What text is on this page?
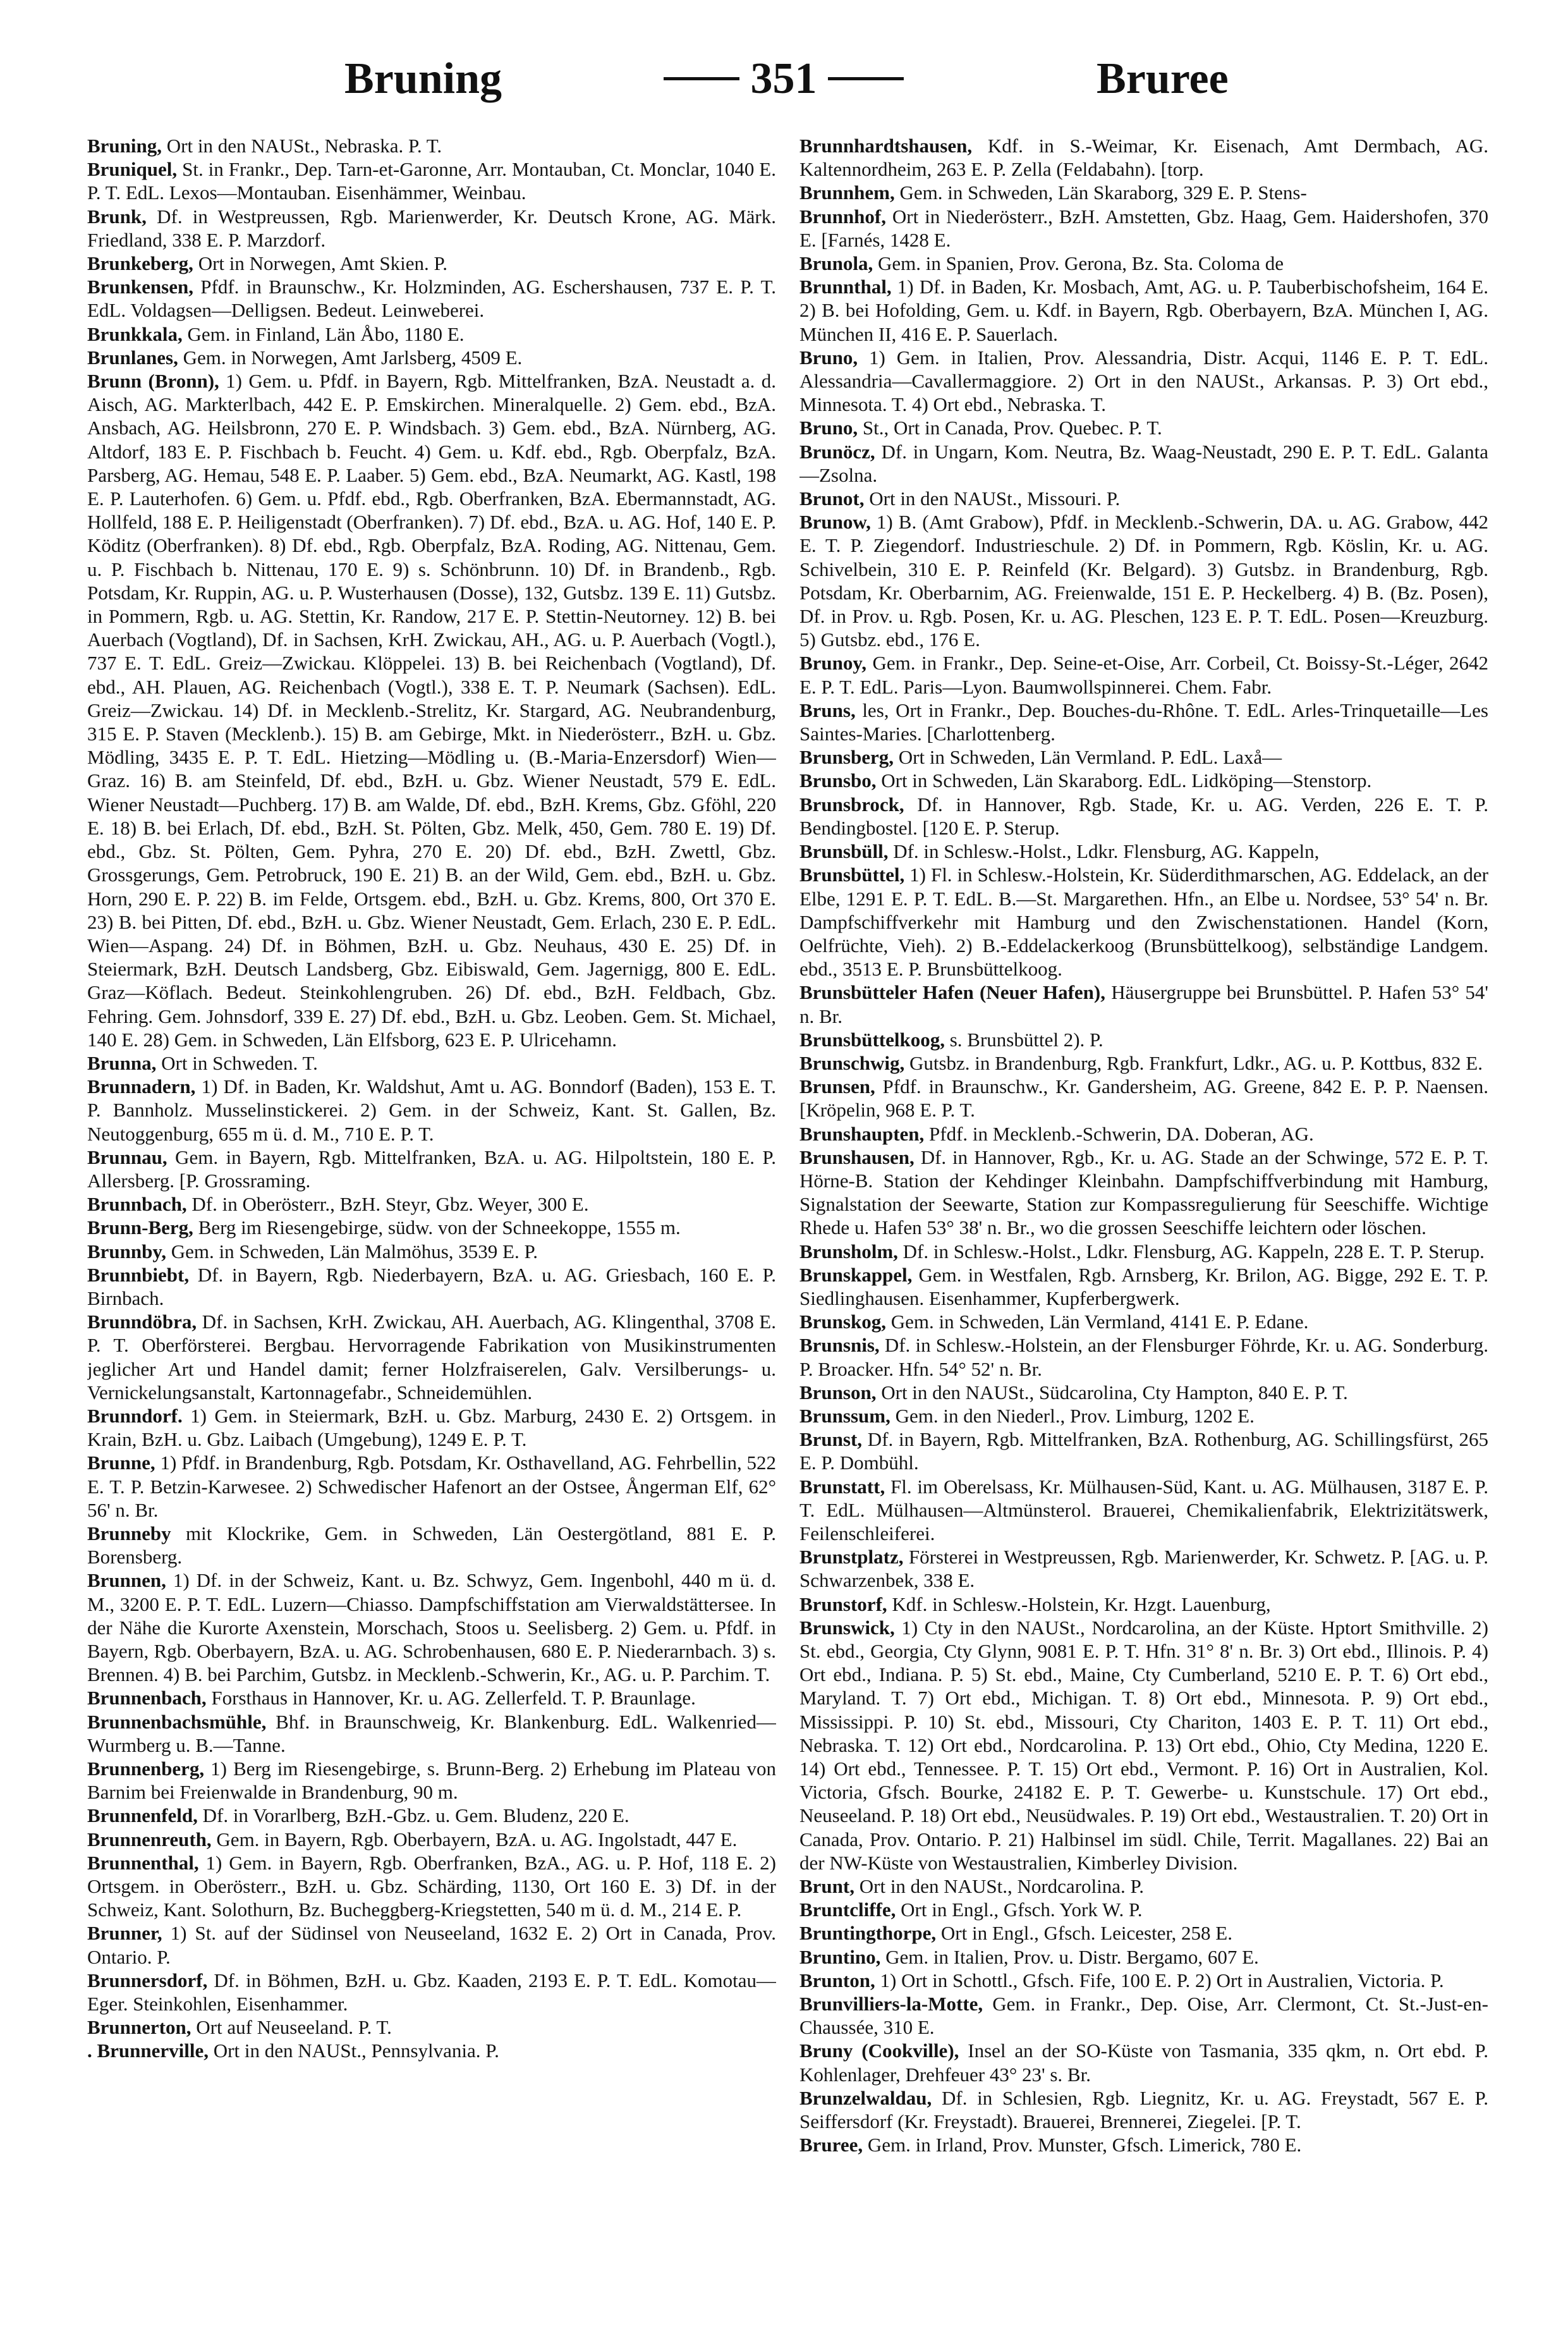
Bruning	351	Bruree

Bruning, Ort in den NAUSt., Nebraska. P. T.

Bruniquel, St. in Frankr., Dep. Tarn-et-Garonne, Arr. Montauban, Ct. Monclar, 1040 E. P. T. EdL. Lexos—Montauban. Eisenhämmer, Weinbau.

Brunk, Df. in Westpreussen, Rgb. Marienwerder, Kr. Deutsch Krone, AG. Märk. Friedland, 338 E. P. Marzdorf.

Brunkeberg, Ort in Norwegen, Amt Skien. P.

Brunkensen, Pfdf. in Braunschw., Kr. Holzminden, AG. Eschershausen, 737 E. P. T. EdL. Voldagsen—Delligsen. Bedeut. Leinweberei.

Brunkkala, Gem. in Finland, Län Åbo, 1180 E.

Brunlanes, Gem. in Norwegen, Amt Jarlsberg, 4509 E.

Brunn (Bronn), 1) Gem. u. Pfdf. in Bayern, Rgb. Mittelfranken, BzA. Neustadt a. d. Aisch, AG. Markterlbach, 442 E. P. Emskirchen. Mineralquelle. 2) Gem. ebd., BzA. Ansbach, AG. Heilsbronn, 270 E. P. Windsbach. 3) Gem. ebd., BzA. Nürnberg, AG. Altdorf, 183 E. P. Fischbach b. Feucht. 4) Gem. u. Kdf. ebd., Rgb. Oberpfalz, BzA. Parsberg, AG. Hemau, 548 E. P. Laaber. 5) Gem. ebd., BzA. Neumarkt, AG. Kastl, 198 E. P. Lauterhofen. 6) Gem. u. Pfdf. ebd., Rgb. Oberfranken, BzA. Ebermannstadt, AG. Hollfeld, 188 E. P. Heiligenstadt (Oberfranken). 7) Df. ebd., BzA. u. AG. Hof, 140 E. P. Köditz (Oberfranken). 8) Df. ebd., Rgb. Oberpfalz, BzA. Roding, AG. Nittenau, Gem. u. P. Fischbach b. Nittenau, 170 E. 9) s. Schönbrunn. 10) Df. in Brandenb., Rgb. Potsdam, Kr. Ruppin, AG. u. P. Wusterhausen (Dosse), 132, Gutsbz. 139 E. 11) Gutsbz. in Pommern, Rgb. u. AG. Stettin, Kr. Randow, 217 E. P. Stettin-Neutorney. 12) B. bei Auerbach (Vogtland), Df. in Sachsen, KrH. Zwickau, AH., AG. u. P. Auerbach (Vogtl.), 737 E. T. EdL. Greiz—Zwickau. Klöppelei. 13) B. bei Reichenbach (Vogtland), Df. ebd., AH. Plauen, AG. Reichenbach (Vogtl.), 338 E. T. P. Neumark (Sachsen). EdL. Greiz—Zwickau. 14) Df. in Mecklenb.-Strelitz, Kr. Stargard, AG. Neubrandenburg, 315 E. P. Staven (Mecklenb.). 15) B. am Gebirge, Mkt. in Niederösterr., BzH. u. Gbz. Mödling, 3435 E. P. T. EdL. Hietzing—Mödling u. (B.-Maria-Enzersdorf) Wien—Graz. 16) B. am Steinfeld, Df. ebd., BzH. u. Gbz. Wiener Neustadt, 579 E. EdL. Wiener Neustadt—Puchberg. 17) B. am Walde, Df. ebd., BzH. Krems, Gbz. Gföhl, 220 E. 18) B. bei Erlach, Df. ebd., BzH. St. Pölten, Gbz. Melk, 450, Gem. 780 E. 19) Df. ebd., Gbz. St. Pölten, Gem. Pyhra, 270 E. 20) Df. ebd., BzH. Zwettl, Gbz. Grossgerungs, Gem. Petrobruck, 190 E. 21) B. an der Wild, Gem. ebd., BzH. u. Gbz. Horn, 290 E. P. 22) B. im Felde, Ortsgem. ebd., BzH. u. Gbz. Krems, 800, Ort 370 E. 23) B. bei Pitten, Df. ebd., BzH. u. Gbz. Wiener Neustadt, Gem. Erlach, 230 E. P. EdL. Wien—Aspang. 24) Df. in Böhmen, BzH. u. Gbz. Neuhaus, 430 E. 25) Df. in Steiermark, BzH. Deutsch Landsberg, Gbz. Eibiswald, Gem. Jagernigg, 800 E. EdL. Graz—Köflach. Bedeut. Steinkohlengruben. 26) Df. ebd., BzH. Feldbach, Gbz. Fehring. Gem. Johnsdorf, 339 E. 27) Df. ebd., BzH. u. Gbz. Leoben. Gem. St. Michael, 140 E. 28) Gem. in Schweden, Län Elfsborg, 623 E. P. Ulricehamn.

Brunna, Ort in Schweden. T.

Brunnadern, 1) Df. in Baden, Kr. Waldshut, Amt u. AG. Bonndorf (Baden), 153 E. T. P. Bannholz. Musselinstickerei. 2) Gem. in der Schweiz, Kant. St. Gallen, Bz. Neutoggenburg, 655 m ü. d. M., 710 E. P. T.

Brunnau, Gem. in Bayern, Rgb. Mittelfranken, BzA. u. AG. Hilpoltstein, 180 E. P. Allersberg. [P. Grossraming.

Brunnbach, Df. in Oberösterr., BzH. Steyr, Gbz. Weyer, 300 E.

Brunn-Berg, Berg im Riesengebirge, südw. von der Schneekoppe, 1555 m.

Brunnby, Gem. in Schweden, Län Malmöhus, 3539 E. P.

Brunnbiebt, Df. in Bayern, Rgb. Niederbayern, BzA. u. AG. Griesbach, 160 E. P. Birnbach.

Brunndöbra, Df. in Sachsen, KrH. Zwickau, AH. Auerbach, AG. Klingenthal, 3708 E. P. T. Oberförsterei. Bergbau. Hervorragende Fabrikation von Musikinstrumenten jeglicher Art und Handel damit; ferner Holzfraiserelen, Galv. Versilberungs- u. Vernickelungsanstalt, Kartonnagefabr., Schneidemühlen.

Brunndorf. 1) Gem. in Steiermark, BzH. u. Gbz. Marburg, 2430 E. 2) Ortsgem. in Krain, BzH. u. Gbz. Laibach (Umgebung), 1249 E. P. T.

Brunne, 1) Pfdf. in Brandenburg, Rgb. Potsdam, Kr. Osthavelland, AG. Fehrbellin, 522 E. T. P. Betzin-Karwesee. 2) Schwedischer Hafenort an der Ostsee, Ångerman Elf, 62° 56' n. Br.

Brunneby mit Klockrike, Gem. in Schweden, Län Oestergötland, 881 E. P. Borensberg.

Brunnen, 1) Df. in der Schweiz, Kant. u. Bz. Schwyz, Gem. Ingenbohl, 440 m ü. d. M., 3200 E. P. T. EdL. Luzern—Chiasso. Dampfschiffstation am Vierwaldstättersee. In der Nähe die Kurorte Axenstein, Morschach, Stoos u. Seelisberg. 2) Gem. u. Pfdf. in Bayern, Rgb. Oberbayern, BzA. u. AG. Schrobenhausen, 680 E. P. Niederarnbach. 3) s. Brennen. 4) B. bei Parchim, Gutsbz. in Mecklenb.-Schwerin, Kr., AG. u. P. Parchim. T.

Brunnenbach, Forsthaus in Hannover, Kr. u. AG. Zellerfeld. T. P. Braunlage.

Brunnenbachsmühle, Bhf. in Braunschweig, Kr. Blankenburg. EdL. Walkenried—Wurmberg u. B.—Tanne.

Brunnenberg, 1) Berg im Riesengebirge, s. Brunn-Berg. 2) Erhebung im Plateau von Barnim bei Freienwalde in Brandenburg, 90 m.

Brunnenfeld, Df. in Vorarlberg, BzH.-Gbz. u. Gem. Bludenz, 220 E.

Brunnenreuth, Gem. in Bayern, Rgb. Oberbayern, BzA. u. AG. Ingolstadt, 447 E.

Brunnenthal, 1) Gem. in Bayern, Rgb. Oberfranken, BzA., AG. u. P. Hof, 118 E. 2) Ortsgem. in Oberösterr., BzH. u. Gbz. Schärding, 1130, Ort 160 E. 3) Df. in der Schweiz, Kant. Solothurn, Bz. Bucheggberg-Kriegstetten, 540 m ü. d. M., 214 E. P.

Brunner, 1) St. auf der Südinsel von Neuseeland, 1632 E. 2) Ort in Canada, Prov. Ontario. P.

Brunnersdorf, Df. in Böhmen, BzH. u. Gbz. Kaaden, 2193 E. P. T. EdL. Komotau—Eger. Steinkohlen, Eisenhammer.

Brunnerton, Ort auf Neuseeland. P. T.

. Brunnerville, Ort in den NAUSt., Pennsylvania. P.

Brunnhardtshausen, Kdf. in S.-Weimar, Kr. Eisenach, Amt Dermbach, AG. Kaltennordheim, 263 E. P. Zella (Feldabahn). [torp.

Brunnhem, Gem. in Schweden, Län Skaraborg, 329 E. P. Stens-

Brunnhof, Ort in Niederösterr., BzH. Amstetten, Gbz. Haag, Gem. Haidershofen, 370 E. [Farnés, 1428 E.

Brunola, Gem. in Spanien, Prov. Gerona, Bz. Sta. Coloma de

Brunnthal, 1) Df. in Baden, Kr. Mosbach, Amt, AG. u. P. Tauberbischofsheim, 164 E. 2) B. bei Hofolding, Gem. u. Kdf. in Bayern, Rgb. Oberbayern, BzA. München I, AG. München II, 416 E. P. Sauerlach.

Bruno, 1) Gem. in Italien, Prov. Alessandria, Distr. Acqui, 1146 E. P. T. EdL. Alessandria—Cavallermaggiore. 2) Ort in den NAUSt., Arkansas. P. 3) Ort ebd., Minnesota. T. 4) Ort ebd., Nebraska. T.

Bruno, St., Ort in Canada, Prov. Quebec. P. T.

Brunöcz, Df. in Ungarn, Kom. Neutra, Bz. Waag-Neustadt, 290 E. P. T. EdL. Galanta—Zsolna.

Brunot, Ort in den NAUSt., Missouri. P.

Brunow, 1) B. (Amt Grabow), Pfdf. in Mecklenb.-Schwerin, DA. u. AG. Grabow, 442 E. T. P. Ziegendorf. Industrieschule. 2) Df. in Pommern, Rgb. Köslin, Kr. u. AG. Schivelbein, 310 E. P. Reinfeld (Kr. Belgard). 3) Gutsbz. in Brandenburg, Rgb. Potsdam, Kr. Oberbarnim, AG. Freienwalde, 151 E. P. Heckelberg. 4) B. (Bz. Posen), Df. in Prov. u. Rgb. Posen, Kr. u. AG. Pleschen, 123 E. P. T. EdL. Posen—Kreuzburg. 5) Gutsbz. ebd., 176 E.

Brunoy, Gem. in Frankr., Dep. Seine-et-Oise, Arr. Corbeil, Ct. Boissy-St.-Léger, 2642 E. P. T. EdL. Paris—Lyon. Baumwollspinnerei. Chem. Fabr.

Bruns, les, Ort in Frankr., Dep. Bouches-du-Rhône. T. EdL. Arles-Trinquetaille—Les Saintes-Maries. [Charlottenberg.

Brunsberg, Ort in Schweden, Län Vermland. P. EdL. Laxå—

Brunsbo, Ort in Schweden, Län Skaraborg. EdL. Lidköping—Stenstorp.

Brunsbrock, Df. in Hannover, Rgb. Stade, Kr. u. AG. Verden, 226 E. T. P. Bendingbostel. [120 E. P. Sterup.

Brunsbüll, Df. in Schlesw.-Holst., Ldkr. Flensburg, AG. Kappeln,

Brunsbüttel, 1) Fl. in Schlesw.-Holstein, Kr. Süderdithmarschen, AG. Eddelack, an der Elbe, 1291 E. P. T. EdL. B.—St. Margarethen. Hfn., an Elbe u. Nordsee, 53° 54' n. Br. Dampfschiffverkehr mit Hamburg und den Zwischenstationen. Handel (Korn, Oelfrüchte, Vieh). 2) B.-Eddelackerkoog (Brunsbüttelkoog), selbständige Landgem. ebd., 3513 E. P. Brunsbüttelkoog.

Brunsbütteler Hafen (Neuer Hafen), Häusergruppe bei Brunsbüttel. P. Hafen 53° 54' n. Br.

Brunsbüttelkoog, s. Brunsbüttel 2). P.

Brunschwig, Gutsbz. in Brandenburg, Rgb. Frankfurt, Ldkr., AG. u. P. Kottbus, 832 E.

Brunsen, Pfdf. in Braunschw., Kr. Gandersheim, AG. Greene, 842 E. P. P. Naensen. [Kröpelin, 968 E. P. T.

Brunshaupten, Pfdf. in Mecklenb.-Schwerin, DA. Doberan, AG.

Brunshausen, Df. in Hannover, Rgb., Kr. u. AG. Stade an der Schwinge, 572 E. P. T. Hörne-B. Station der Kehdinger Kleinbahn. Dampfschiffverbindung mit Hamburg, Signalstation der Seewarte, Station zur Kompassregulierung für Seeschiffe. Wichtige Rhede u. Hafen 53° 38' n. Br., wo die grossen Seeschiffe leichtern oder löschen.

Brunsholm, Df. in Schlesw.-Holst., Ldkr. Flensburg, AG. Kappeln, 228 E. T. P. Sterup.

Brunskappel, Gem. in Westfalen, Rgb. Arnsberg, Kr. Brilon, AG. Bigge, 292 E. T. P. Siedlinghausen. Eisenhammer, Kupferbergwerk.

Brunskog, Gem. in Schweden, Län Vermland, 4141 E. P. Edane.

Brunsnis, Df. in Schlesw.-Holstein, an der Flensburger Föhrde, Kr. u. AG. Sonderburg. P. Broacker. Hfn. 54° 52' n. Br.

Brunson, Ort in den NAUSt., Südcarolina, Cty Hampton, 840 E. P. T.

Brunssum, Gem. in den Niederl., Prov. Limburg, 1202 E.

Brunst, Df. in Bayern, Rgb. Mittelfranken, BzA. Rothenburg, AG. Schillingsfürst, 265 E. P. Dombühl.

Brunstatt, Fl. im Oberelsass, Kr. Mülhausen-Süd, Kant. u. AG. Mülhausen, 3187 E. P. T. EdL. Mülhausen—Altmünsterol. Brauerei, Chemikalienfabrik, Elektrizitätswerk, Feilenschleiferei.

Brunstplatz, Försterei in Westpreussen, Rgb. Marienwerder, Kr. Schwetz. P. [AG. u. P. Schwarzenbek, 338 E.

Brunstorf, Kdf. in Schlesw.-Holstein, Kr. Hzgt. Lauenburg,

Brunswick, 1) Cty in den NAUSt., Nordcarolina, an der Küste. Hptort Smithville. 2) St. ebd., Georgia, Cty Glynn, 9081 E. P. T. Hfn. 31° 8' n. Br. 3) Ort ebd., Illinois. P. 4) Ort ebd., Indiana. P. 5) St. ebd., Maine, Cty Cumberland, 5210 E. P. T. 6) Ort ebd., Maryland. T. 7) Ort ebd., Michigan. T. 8) Ort ebd., Minnesota. P. 9) Ort ebd., Mississippi. P. 10) St. ebd., Missouri, Cty Chariton, 1403 E. P. T. 11) Ort ebd., Nebraska. T. 12) Ort ebd., Nordcarolina. P. 13) Ort ebd., Ohio, Cty Medina, 1220 E. 14) Ort ebd., Tennessee. P. T. 15) Ort ebd., Vermont. P. 16) Ort in Australien, Kol. Victoria, Gfsch. Bourke, 24182 E. P. T. Gewerbe- u. Kunstschule. 17) Ort ebd., Neuseeland. P. 18) Ort ebd., Neusüdwales. P. 19) Ort ebd., Westaustralien. T. 20) Ort in Canada, Prov. Ontario. P. 21) Halbinsel im südl. Chile, Territ. Magallanes. 22) Bai an der NW-Küste von Westaustralien, Kimberley Division.

Brunt, Ort in den NAUSt., Nordcarolina. P.

Bruntcliffe, Ort in Engl., Gfsch. York W. P.

Bruntingthorpe, Ort in Engl., Gfsch. Leicester, 258 E.

Bruntino, Gem. in Italien, Prov. u. Distr. Bergamo, 607 E.

Brunton, 1) Ort in Schottl., Gfsch. Fife, 100 E. P. 2) Ort in Australien, Victoria. P.

Brunvilliers-la-Motte, Gem. in Frankr., Dep. Oise, Arr. Clermont, Ct. St.-Just-en-Chaussée, 310 E.

Bruny (Cookville), Insel an der SO-Küste von Tasmania, 335 qkm, n. Ort ebd. P. Kohlenlager, Drehfeuer 43° 23' s. Br.

Brunzelwaldau, Df. in Schlesien, Rgb. Liegnitz, Kr. u. AG. Freystadt, 567 E. P. Seiffersdorf (Kr. Freystadt). Brauerei, Brennerei, Ziegelei. [P. T.

Bruree, Gem. in Irland, Prov. Munster, Gfsch. Limerick, 780 E.
